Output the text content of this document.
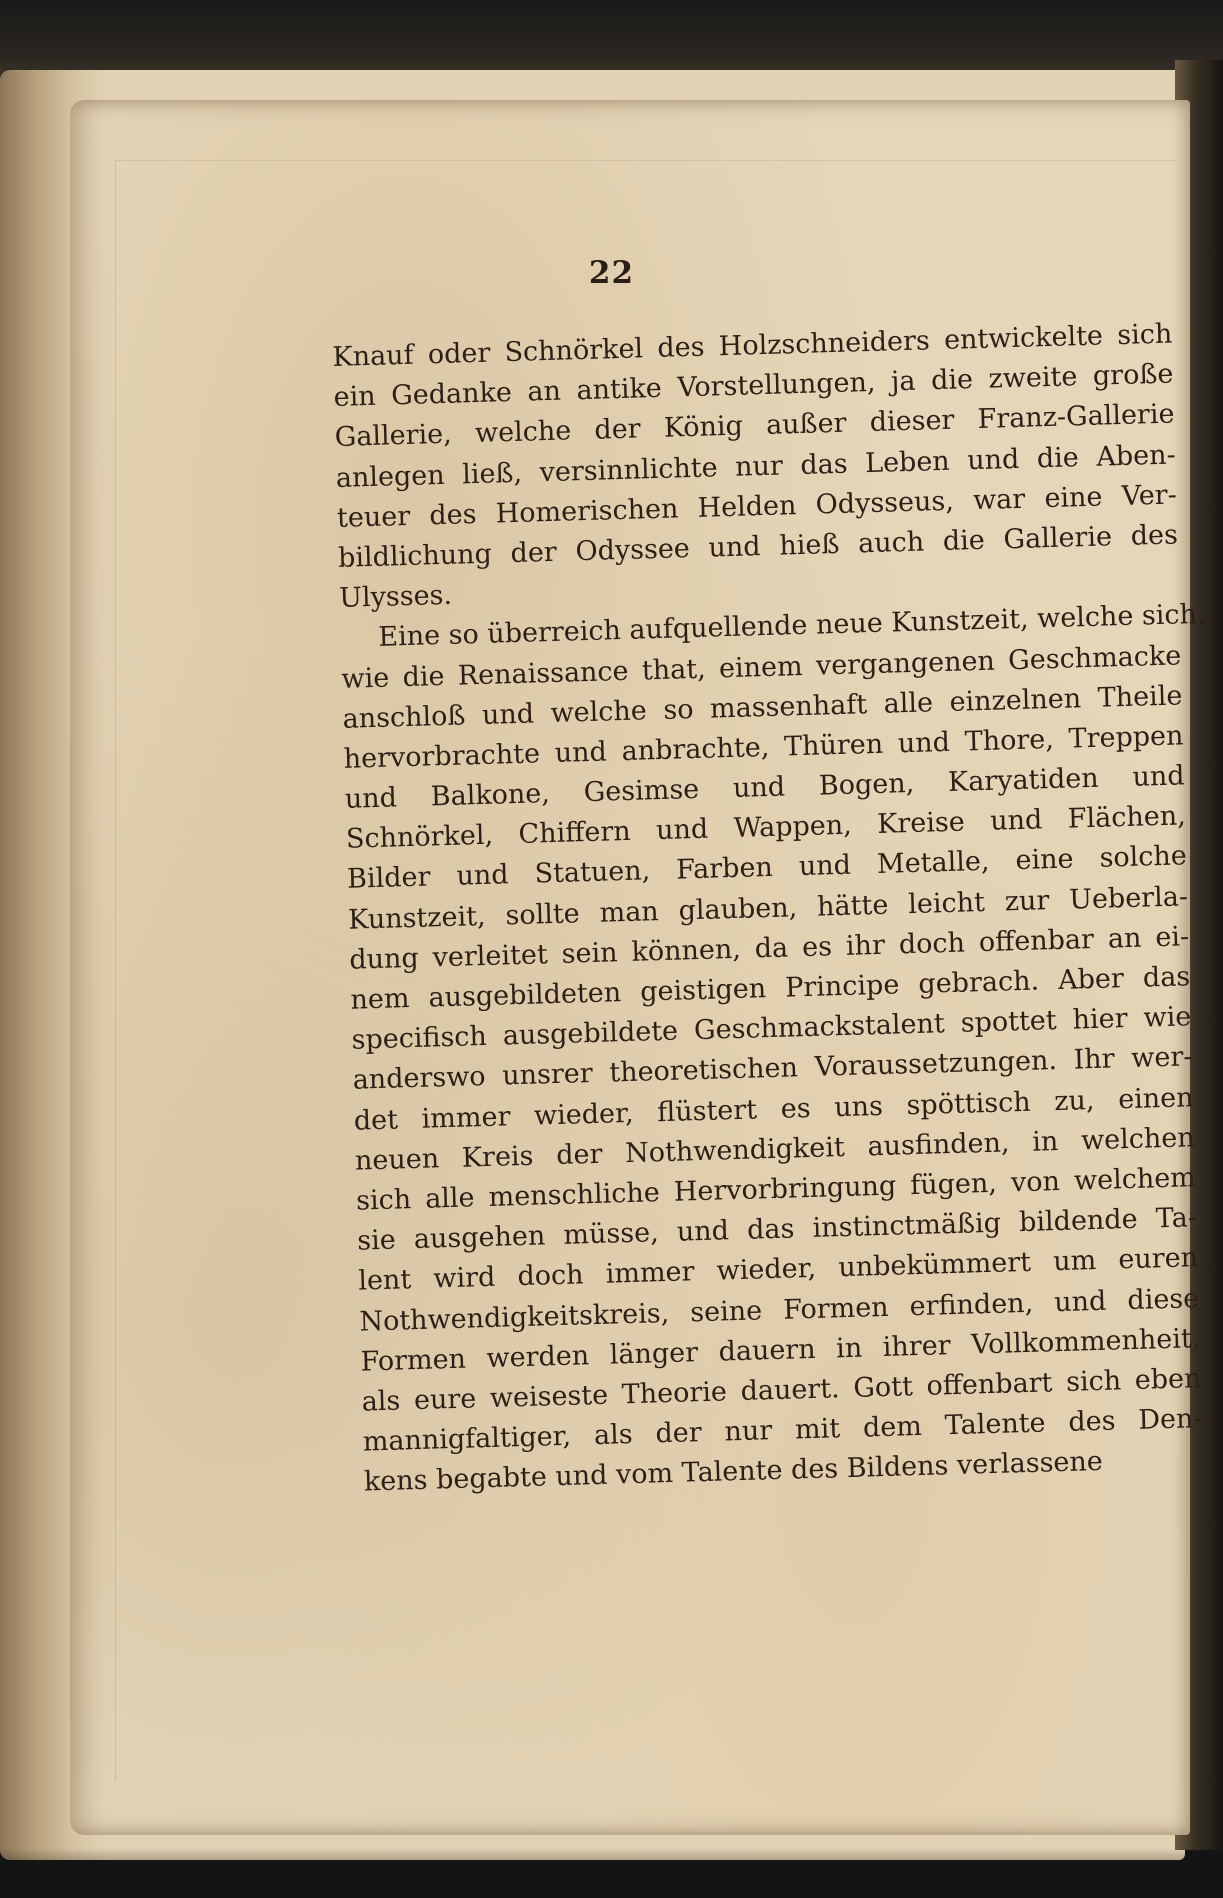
22
Knauf oder Schnörkel des Holzschneiders entwickelte sich
ein Gedanke an antike Vorstellungen, ja die zweite große
Gallerie, welche der König außer dieser Franz-Gallerie
anlegen ließ, versinnlichte nur das Leben und die Aben-
teuer des Homerischen Helden Odysseus, war eine Ver-
bildlichung der Odyssee und hieß auch die Gallerie des
Ulysses.
Eine so überreich aufquellende neue Kunstzeit, welche sich,
wie die Renaissance that, einem vergangenen Geschmacke
anschloß und welche so massenhaft alle einzelnen Theile
hervorbrachte und anbrachte, Thüren und Thore, Treppen
und Balkone, Gesimse und Bogen, Karyatiden und
Schnörkel, Chiffern und Wappen, Kreise und Flächen,
Bilder und Statuen, Farben und Metalle, eine solche
Kunstzeit, sollte man glauben, hätte leicht zur Ueberla-
dung verleitet sein können, da es ihr doch offenbar an ei-
nem ausgebildeten geistigen Principe gebrach. Aber das
specifisch ausgebildete Geschmackstalent spottet hier wie
anderswo unsrer theoretischen Voraussetzungen. Ihr wer-
det immer wieder, flüstert es uns spöttisch zu, einen
neuen Kreis der Nothwendigkeit ausfinden, in welchen
sich alle menschliche Hervorbringung fügen, von welchem
sie ausgehen müsse, und das instinctmäßig bildende Ta-
lent wird doch immer wieder, unbekümmert um euren
Nothwendigkeitskreis, seine Formen erfinden, und diese
Formen werden länger dauern in ihrer Vollkommenheit,
als eure weiseste Theorie dauert. Gott offenbart sich eben
mannigfaltiger, als der nur mit dem Talente des Den-
kens begabte und vom Talente des Bildens verlassene
